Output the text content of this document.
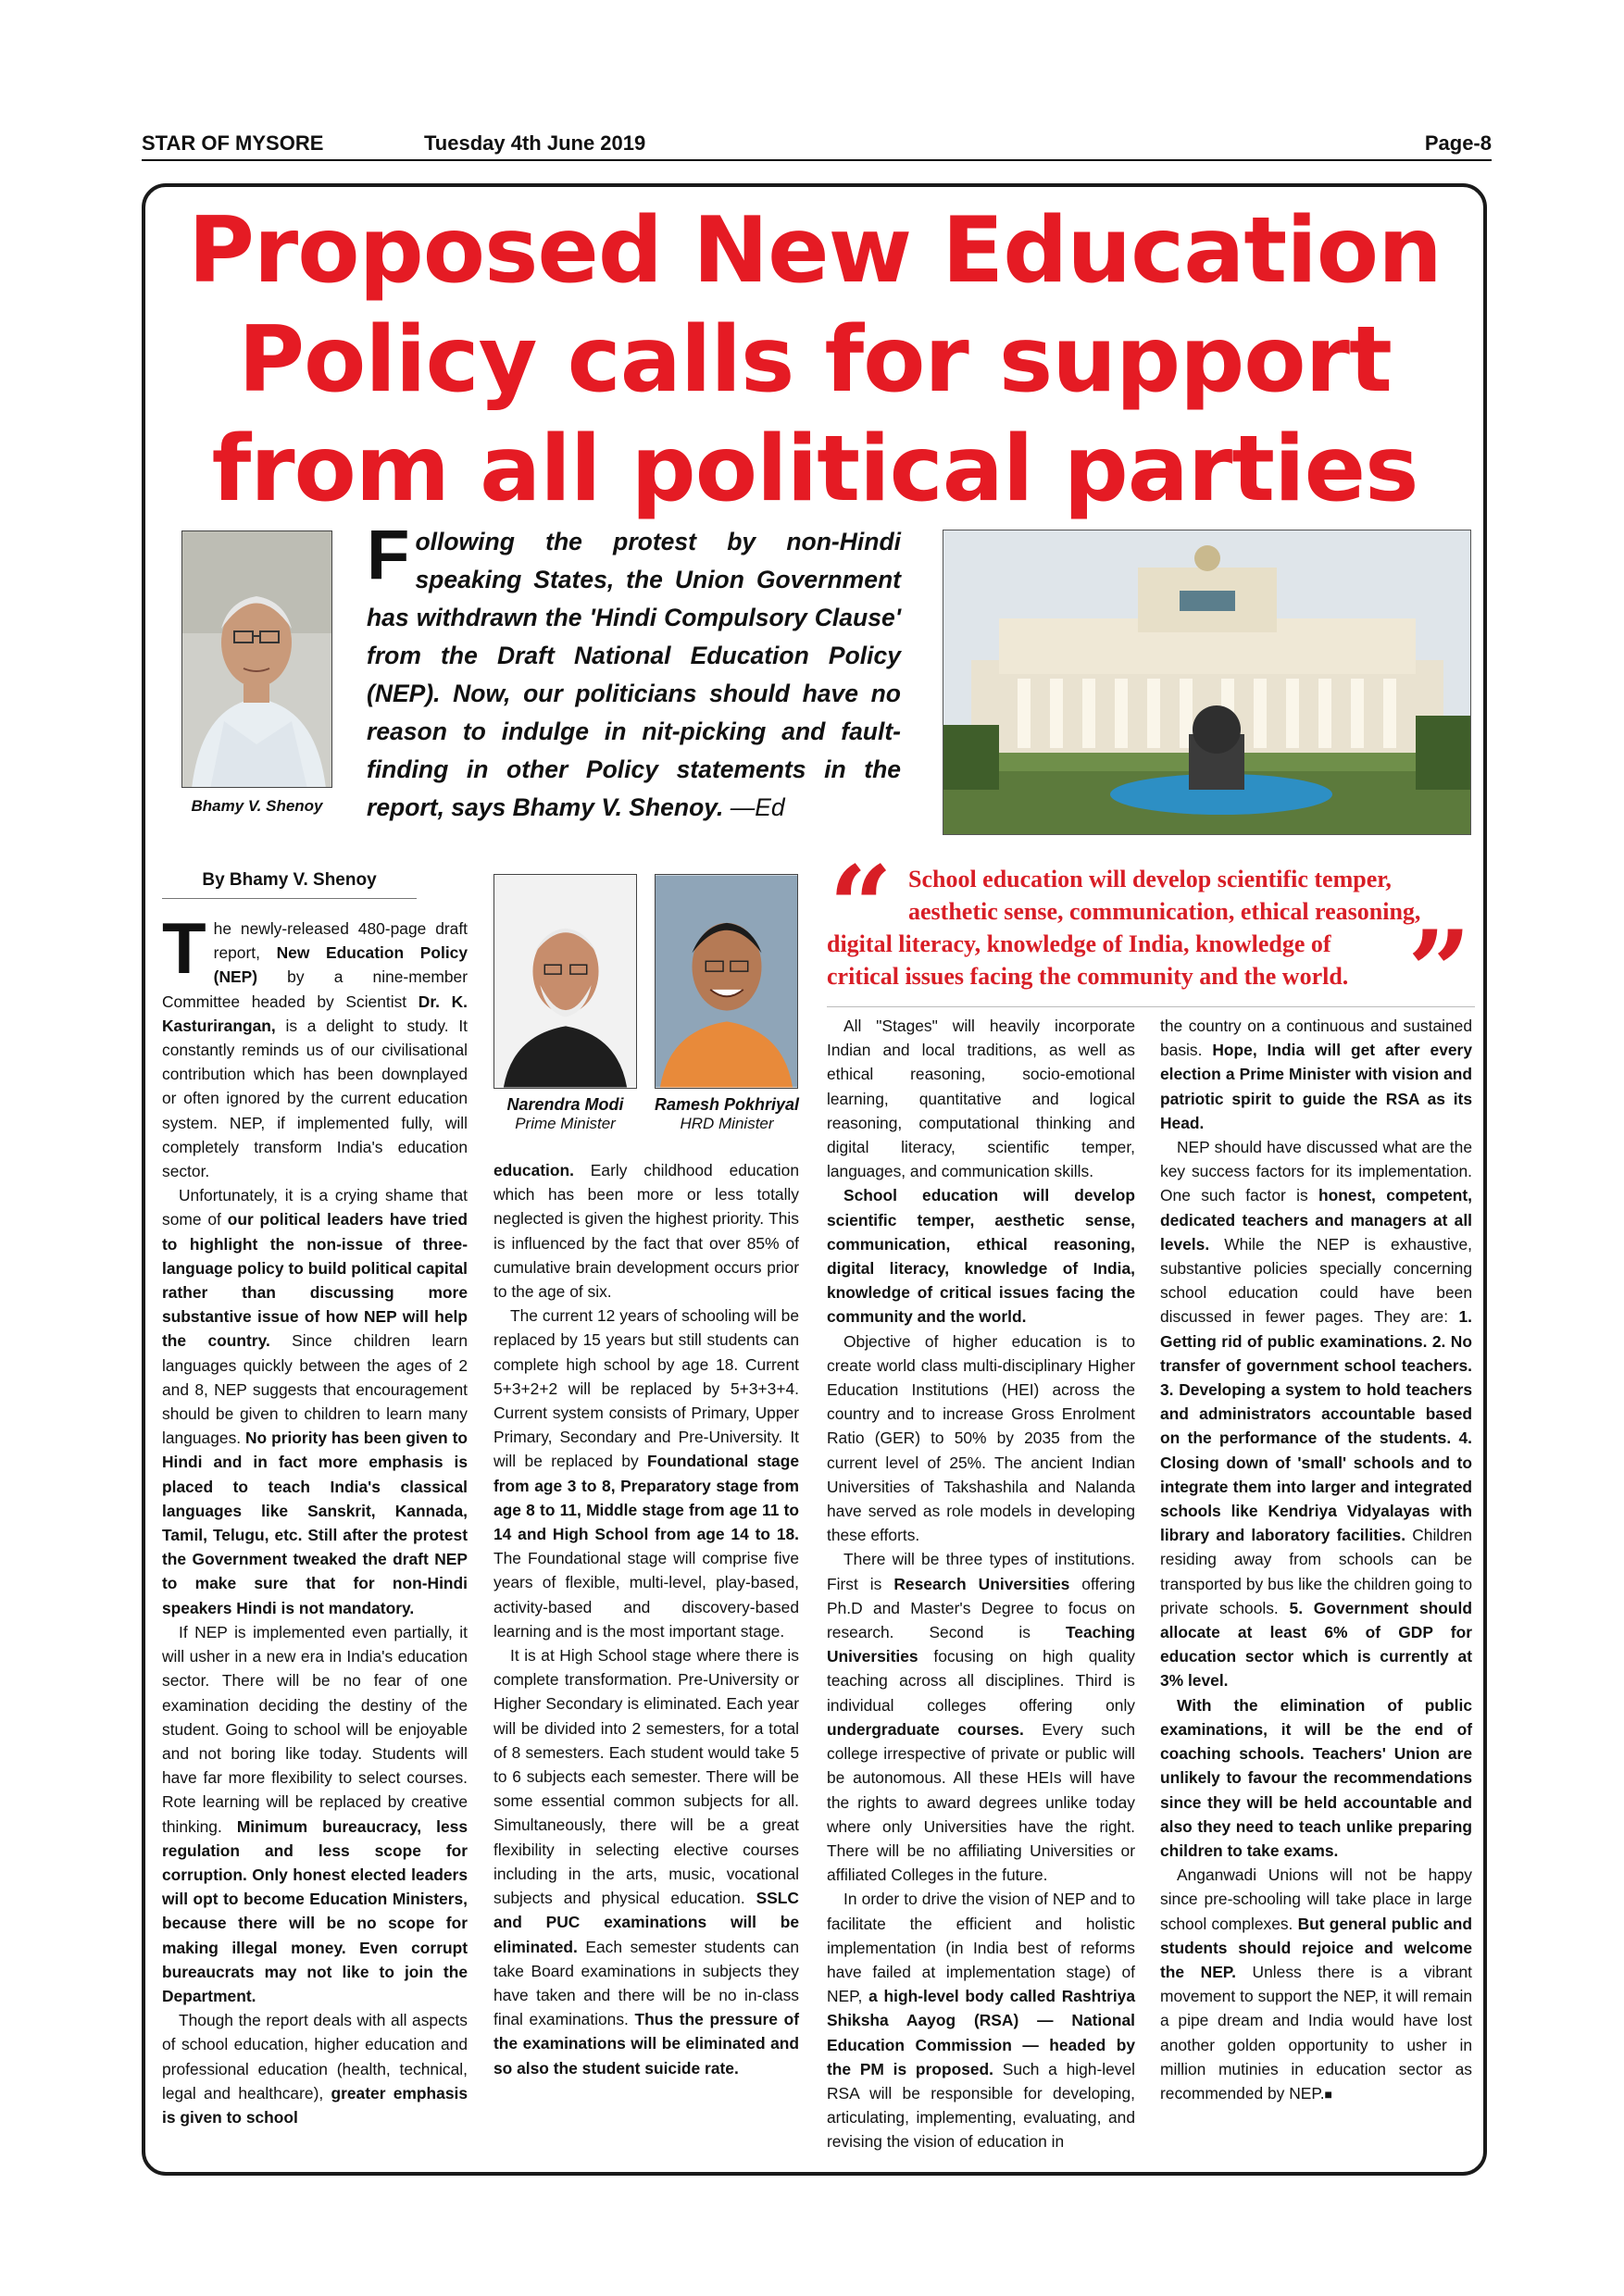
STAR OF MYSORE	Tuesday 4th June 2019	Page-8
Proposed New Education
Policy calls for support
from all political parties
Bhamy V. Shenoy
Following the protest by non-Hindi speaking States, the Union Government has withdrawn the 'Hindi Compulsory Clause' from the Draft National Education Policy (NEP). Now, our politicians should have no reason to indulge in nit-picking and fault-finding in other Policy statements in the report, says Bhamy V. Shenoy. —Ed
By Bhamy V. Shenoy
Narendra Modi
Prime Minister
Ramesh Pokhriyal
HRD Minister
“ School education will develop scientific temper,
aesthetic sense, communication, ethical reasoning,
digital literacy, knowledge of India, knowledge of
critical issues facing the community and the world. ”

The newly-released 480-page draft report, New Education Policy (NEP) by a nine-member Committee headed by Scientist Dr. K. Kasturirangan, is a delight to study. It constantly reminds us of our civilisational contribution which has been downplayed or often ignored by the current education system. NEP, if implemented fully, will completely transform India's education sector.

Unfortunately, it is a crying shame that some of our political leaders have tried to highlight the non-issue of three-language policy to build political capital rather than discussing more substantive issue of how NEP will help the country. Since children learn languages quickly between the ages of 2 and 8, NEP suggests that encouragement should be given to children to learn many languages. No priority has been given to Hindi and in fact more emphasis is placed to teach India's classical languages like Sanskrit, Kannada, Tamil, Telugu, etc. Still after the protest the Government tweaked the draft NEP to make sure that for non-Hindi speakers Hindi is not mandatory.

If NEP is implemented even partially, it will usher in a new era in India's education sector. There will be no fear of one examination deciding the destiny of the student. Going to school will be enjoyable and not boring like today. Students will have far more flexibility to select courses. Rote learning will be replaced by creative thinking. Minimum bureaucracy, less regulation and less scope for corruption. Only honest elected leaders will opt to become Education Ministers, because there will be no scope for making illegal money. Even corrupt bureaucrats may not like to join the Department.

Though the report deals with all aspects of school education, higher education and professional education (health, technical, legal and healthcare), greater emphasis is given to school

education. Early childhood education which has been more or less totally neglected is given the highest priority. This is influenced by the fact that over 85% of cumulative brain development occurs prior to the age of six.

The current 12 years of schooling will be replaced by 15 years but still students can complete high school by age 18. Current 5+3+2+2 will be replaced by 5+3+3+4. Current system consists of Primary, Upper Primary, Secondary and Pre-University. It will be replaced by Foundational stage from age 3 to 8, Preparatory stage from age 8 to 11, Middle stage from age 11 to 14 and High School from age 14 to 18. The Foundational stage will comprise five years of flexible, multi-level, play-based, activity-based and discovery-based learning and is the most important stage.

It is at High School stage where there is complete transformation. Pre-University or Higher Secondary is eliminated. Each year will be divided into 2 semesters, for a total of 8 semesters. Each student would take 5 to 6 subjects each semester. There will be some essential common subjects for all. Simultaneously, there will be a great flexibility in selecting elective courses including in the arts, music, vocational subjects and physical education. SSLC and PUC examinations will be eliminated. Each semester students can take Board examinations in subjects they have taken and there will be no in-class final examinations. Thus the pressure of the examinations will be eliminated and so also the student suicide rate.

All "Stages" will heavily incorporate Indian and local traditions, as well as ethical reasoning, socio-emotional learning, quantitative and logical reasoning, computational thinking and digital literacy, scientific temper, languages, and communication skills.

School education will develop scientific temper, aesthetic sense, communication, ethical reasoning, digital literacy, knowledge of India, knowledge of critical issues facing the community and the world.

Objective of higher education is to create world class multi-disciplinary Higher Education Institutions (HEI) across the country and to increase Gross Enrolment Ratio (GER) to 50% by 2035 from the current level of 25%. The ancient Indian Universities of Takshashila and Nalanda have served as role models in developing these efforts.

There will be three types of institutions. First is Research Universities offering Ph.D and Master's Degree to focus on research. Second is Teaching Universities focusing on high quality teaching across all disciplines. Third is individual colleges offering only undergraduate courses. Every such college irrespective of private or public will be autonomous. All these HEIs will have the rights to award degrees unlike today where only Universities have the right. There will be no affiliating Universities or affiliated Colleges in the future.

In order to drive the vision of NEP and to facilitate the efficient and holistic implementation (in India best of reforms have failed at implementation stage) of NEP, a high-level body called Rashtriya Shiksha Aayog (RSA) — National Education Commission — headed by the PM is proposed. Such a high-level RSA will be responsible for developing, articulating, implementing, evaluating, and revising the vision of education in

the country on a continuous and sustained basis. Hope, India will get after every election a Prime Minister with vision and patriotic spirit to guide the RSA as its Head.

NEP should have discussed what are the key success factors for its implementation. One such factor is honest, competent, dedicated teachers and managers at all levels. While the NEP is exhaustive, substantive policies specially concerning school education could have been discussed in fewer pages. They are: 1. Getting rid of public examinations. 2. No transfer of government school teachers. 3. Developing a system to hold teachers and administrators accountable based on the performance of the students. 4. Closing down of 'small' schools and to integrate them into larger and integrated schools like Kendriya Vidyalayas with library and laboratory facilities. Children residing away from schools can be transported by bus like the children going to private schools. 5. Government should allocate at least 6% of GDP for education sector which is currently at 3% level.

With the elimination of public examinations, it will be the end of coaching schools. Teachers' Union are unlikely to favour the recommendations since they will be held accountable and also they need to teach unlike preparing children to take exams.

Anganwadi Unions will not be happy since pre-schooling will take place in large school complexes. But general public and students should rejoice and welcome the NEP. Unless there is a vibrant movement to support the NEP, it will remain a pipe dream and India would have lost another golden opportunity to usher in million mutinies in education sector as recommended by NEP.■
